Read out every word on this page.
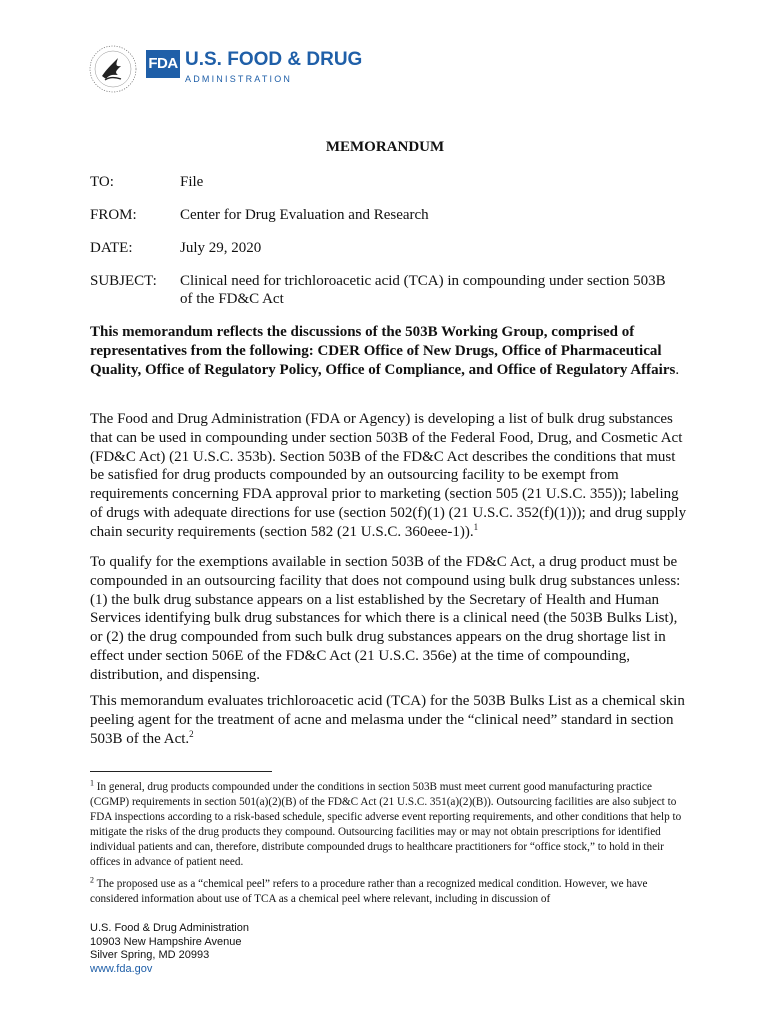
FDA U.S. FOOD & DRUG
ADMINISTRATION
MEMORANDUM
TO:	File
FROM:	Center for Drug Evaluation and Research
DATE:	July 29, 2020
SUBJECT: Clinical need for trichloroacetic acid (TCA) in compounding under section 503B of the FD&C Act

This memorandum reflects the discussions of the 503B Working Group, comprised of representatives from the following: CDER Office of New Drugs, Office of Pharmaceutical Quality, Office of Regulatory Policy, Office of Compliance, and Office of Regulatory Affairs.

The Food and Drug Administration (FDA or Agency) is developing a list of bulk drug substances that can be used in compounding under section 503B of the Federal Food, Drug, and Cosmetic Act (FD&C Act) (21 U.S.C. 353b). Section 503B of the FD&C Act describes the conditions that must be satisfied for drug products compounded by an outsourcing facility to be exempt from requirements concerning FDA approval prior to marketing (section 505 (21 U.S.C. 355)); labeling of drugs with adequate directions for use (section 502(f)(1) (21 U.S.C. 352(f)(1))); and drug supply chain security requirements (section 582 (21 U.S.C. 360eee-1)).$^1$

To qualify for the exemptions available in section 503B of the FD&C Act, a drug product must be compounded in an outsourcing facility that does not compound using bulk drug substances unless: (1) the bulk drug substance appears on a list established by the Secretary of Health and Human Services identifying bulk drug substances for which there is a clinical need (the 503B Bulks List), or (2) the drug compounded from such bulk drug substances appears on the drug shortage list in effect under section 506E of the FD&C Act (21 U.S.C. 356e) at the time of compounding, distribution, and dispensing.

This memorandum evaluates trichloroacetic acid (TCA) for the 503B Bulks List as a chemical skin peeling agent for the treatment of acne and melasma under the “clinical need” standard in section 503B of the Act.$^2$

$^1$ In general, drug products compounded under the conditions in section 503B must meet current good manufacturing practice (CGMP) requirements in section 501(a)(2)(B) of the FD&C Act (21 U.S.C. 351(a)(2)(B)). Outsourcing facilities are also subject to FDA inspections according to a risk-based schedule, specific adverse event reporting requirements, and other conditions that help to mitigate the risks of the drug products they compound. Outsourcing facilities may or may not obtain prescriptions for identified individual patients and can, therefore, distribute compounded drugs to healthcare practitioners for “office stock,” to hold in their offices in advance of patient need.

$^2$ The proposed use as a “chemical peel” refers to a procedure rather than a recognized medical condition. However, we have considered information about use of TCA as a chemical peel where relevant, including in discussion of

U.S. Food & Drug Administration
10903 New Hampshire Avenue
Silver Spring, MD 20993
www.fda.gov
